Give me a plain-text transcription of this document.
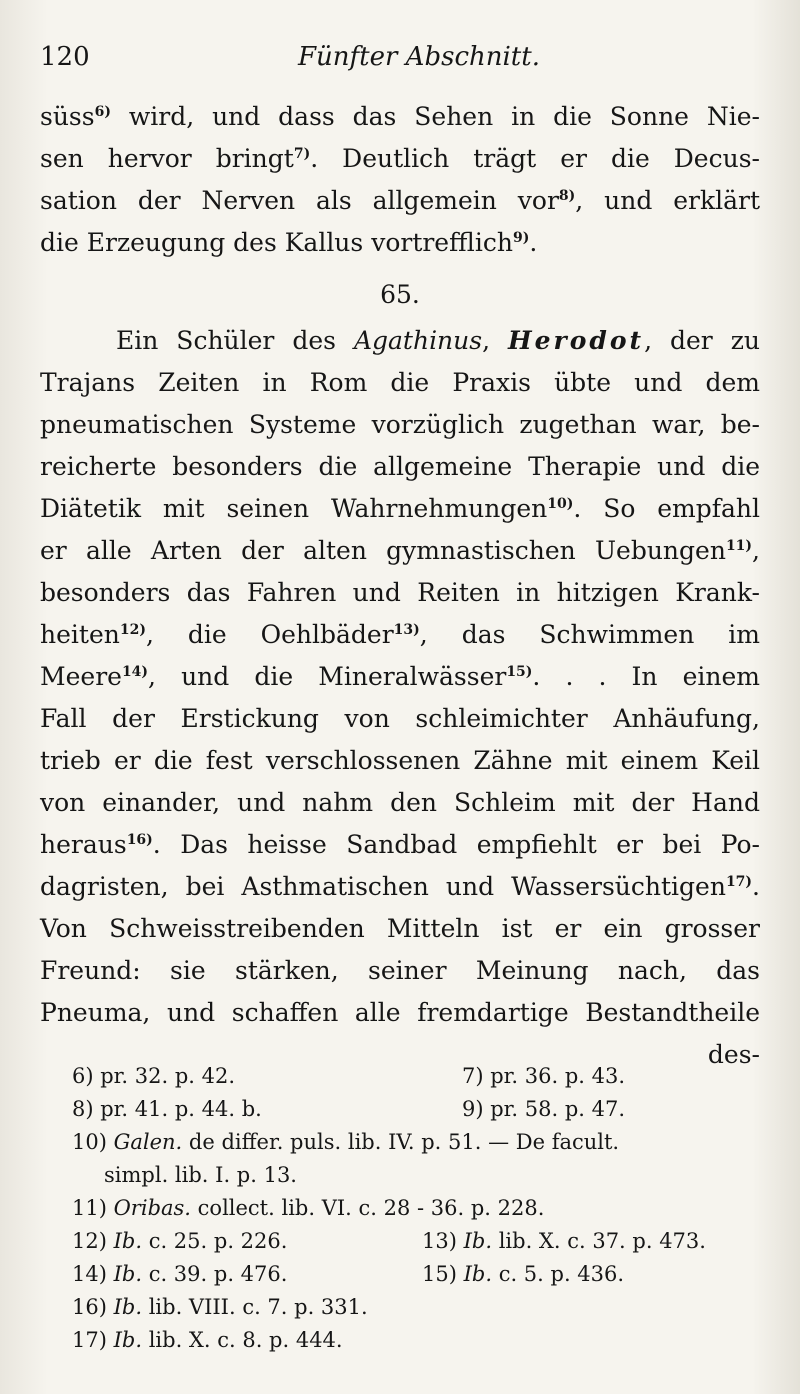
120	Fünfter Abschnitt.
süss$^{6)}$ wird, und dass das Sehen in die Sonne Nie-
sen hervor bringt$^{7)}$. Deutlich trägt er die Decus-
sation der Nerven als allgemein vor$^{8)}$, und erklärt
die Erzeugung des Kallus vortrefflich$^{9)}$.
65.
Ein Schüler des Agathinus, Herodot, der zu
Trajans Zeiten in Rom die Praxis übte und dem
pneumatischen Systeme vorzüglich zugethan war, be-
reicherte besonders die allgemeine Therapie und die
Diätetik mit seinen Wahrnehmungen$^{10)}$. So empfahl
er alle Arten der alten gymnastischen Uebungen$^{11)}$,
besonders das Fahren und Reiten in hitzigen Krank-
heiten$^{12)}$, die Oehlbäder$^{13)}$, das Schwimmen im
Meere$^{14)}$, und die Mineralwässer$^{15)}$. . . In einem
Fall der Erstickung von schleimichter Anhäufung,
trieb er die fest verschlossenen Zähne mit einem Keil
von einander, und nahm den Schleim mit der Hand
heraus$^{16)}$. Das heisse Sandbad empfiehlt er bei Po-
dagristen, bei Asthmatischen und Wassersüchtigen$^{17)}$.
Von Schweisstreibenden Mitteln ist er ein grosser
Freund: sie stärken, seiner Meinung nach, das
Pneuma, und schaffen alle fremdartige Bestandtheile
des-
6) pr. 32. p. 42.	7) pr. 36. p. 43.
8) pr. 41. p. 44. b.	9) pr. 58. p. 47.
10) Galen. de differ. puls. lib. IV. p. 51. — De facult.
simpl. lib. I. p. 13.
11) Oribas. collect. lib. VI. c. 28 - 36. p. 228.
12) Ib. c. 25. p. 226.	13) Ib. lib. X. c. 37. p. 473.
14) Ib. c. 39. p. 476.	15) Ib. c. 5. p. 436.
16) Ib. lib. VIII. c. 7. p. 331.
17) Ib. lib. X. c. 8. p. 444.
